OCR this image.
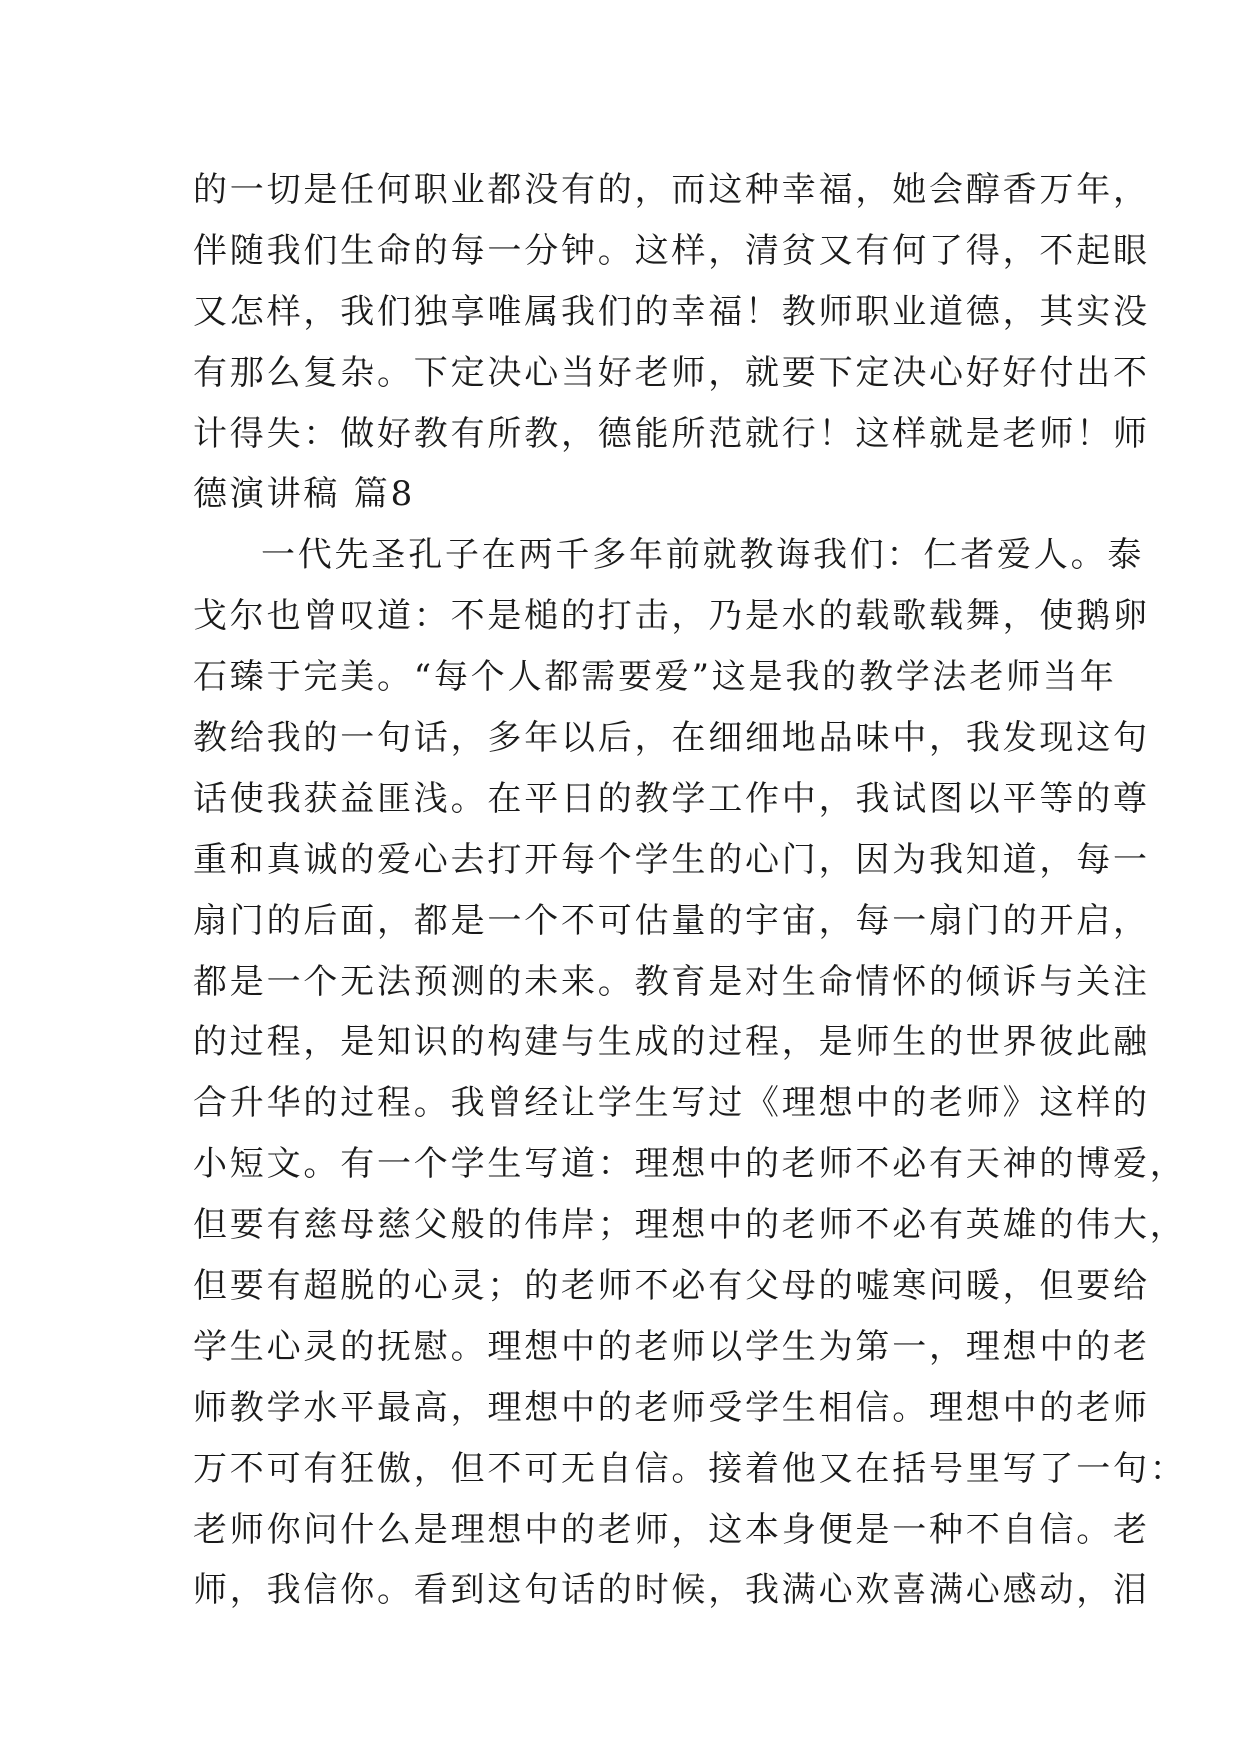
的一切是任何职业都没有的，而这种幸福，她会醇香万年，
伴随我们生命的每一分钟。这样，清贫又有何了得，不起眼
又怎样，我们独享唯属我们的幸福！教师职业道德，其实没
有那么复杂。下定决心当好老师，就要下定决心好好付出不
计得失：做好教有所教，德能所范就行！这样就是老师！师
德演讲稿 篇8
一代先圣孔子在两千多年前就教诲我们：仁者爱人。泰
戈尔也曾叹道：不是槌的打击，乃是水的载歌载舞，使鹅卵
石臻于完美。“每个人都需要爱”这是我的教学法老师当年
教给我的一句话，多年以后，在细细地品味中，我发现这句
话使我获益匪浅。在平日的教学工作中，我试图以平等的尊
重和真诚的爱心去打开每个学生的心门，因为我知道，每一
扇门的后面，都是一个不可估量的宇宙，每一扇门的开启，
都是一个无法预测的未来。教育是对生命情怀的倾诉与关注
的过程，是知识的构建与生成的过程，是师生的世界彼此融
合升华的过程。我曾经让学生写过《理想中的老师》这样的
小短文。有一个学生写道：理想中的老师不必有天神的博爱，
但要有慈母慈父般的伟岸；理想中的老师不必有英雄的伟大，
但要有超脱的心灵；的老师不必有父母的嘘寒问暖，但要给
学生心灵的抚慰。理想中的老师以学生为第一，理想中的老
师教学水平最高，理想中的老师受学生相信。理想中的老师
万不可有狂傲，但不可无自信。接着他又在括号里写了一句：
老师你问什么是理想中的老师，这本身便是一种不自信。老
师，我信你。看到这句话的时候，我满心欢喜满心感动，泪
